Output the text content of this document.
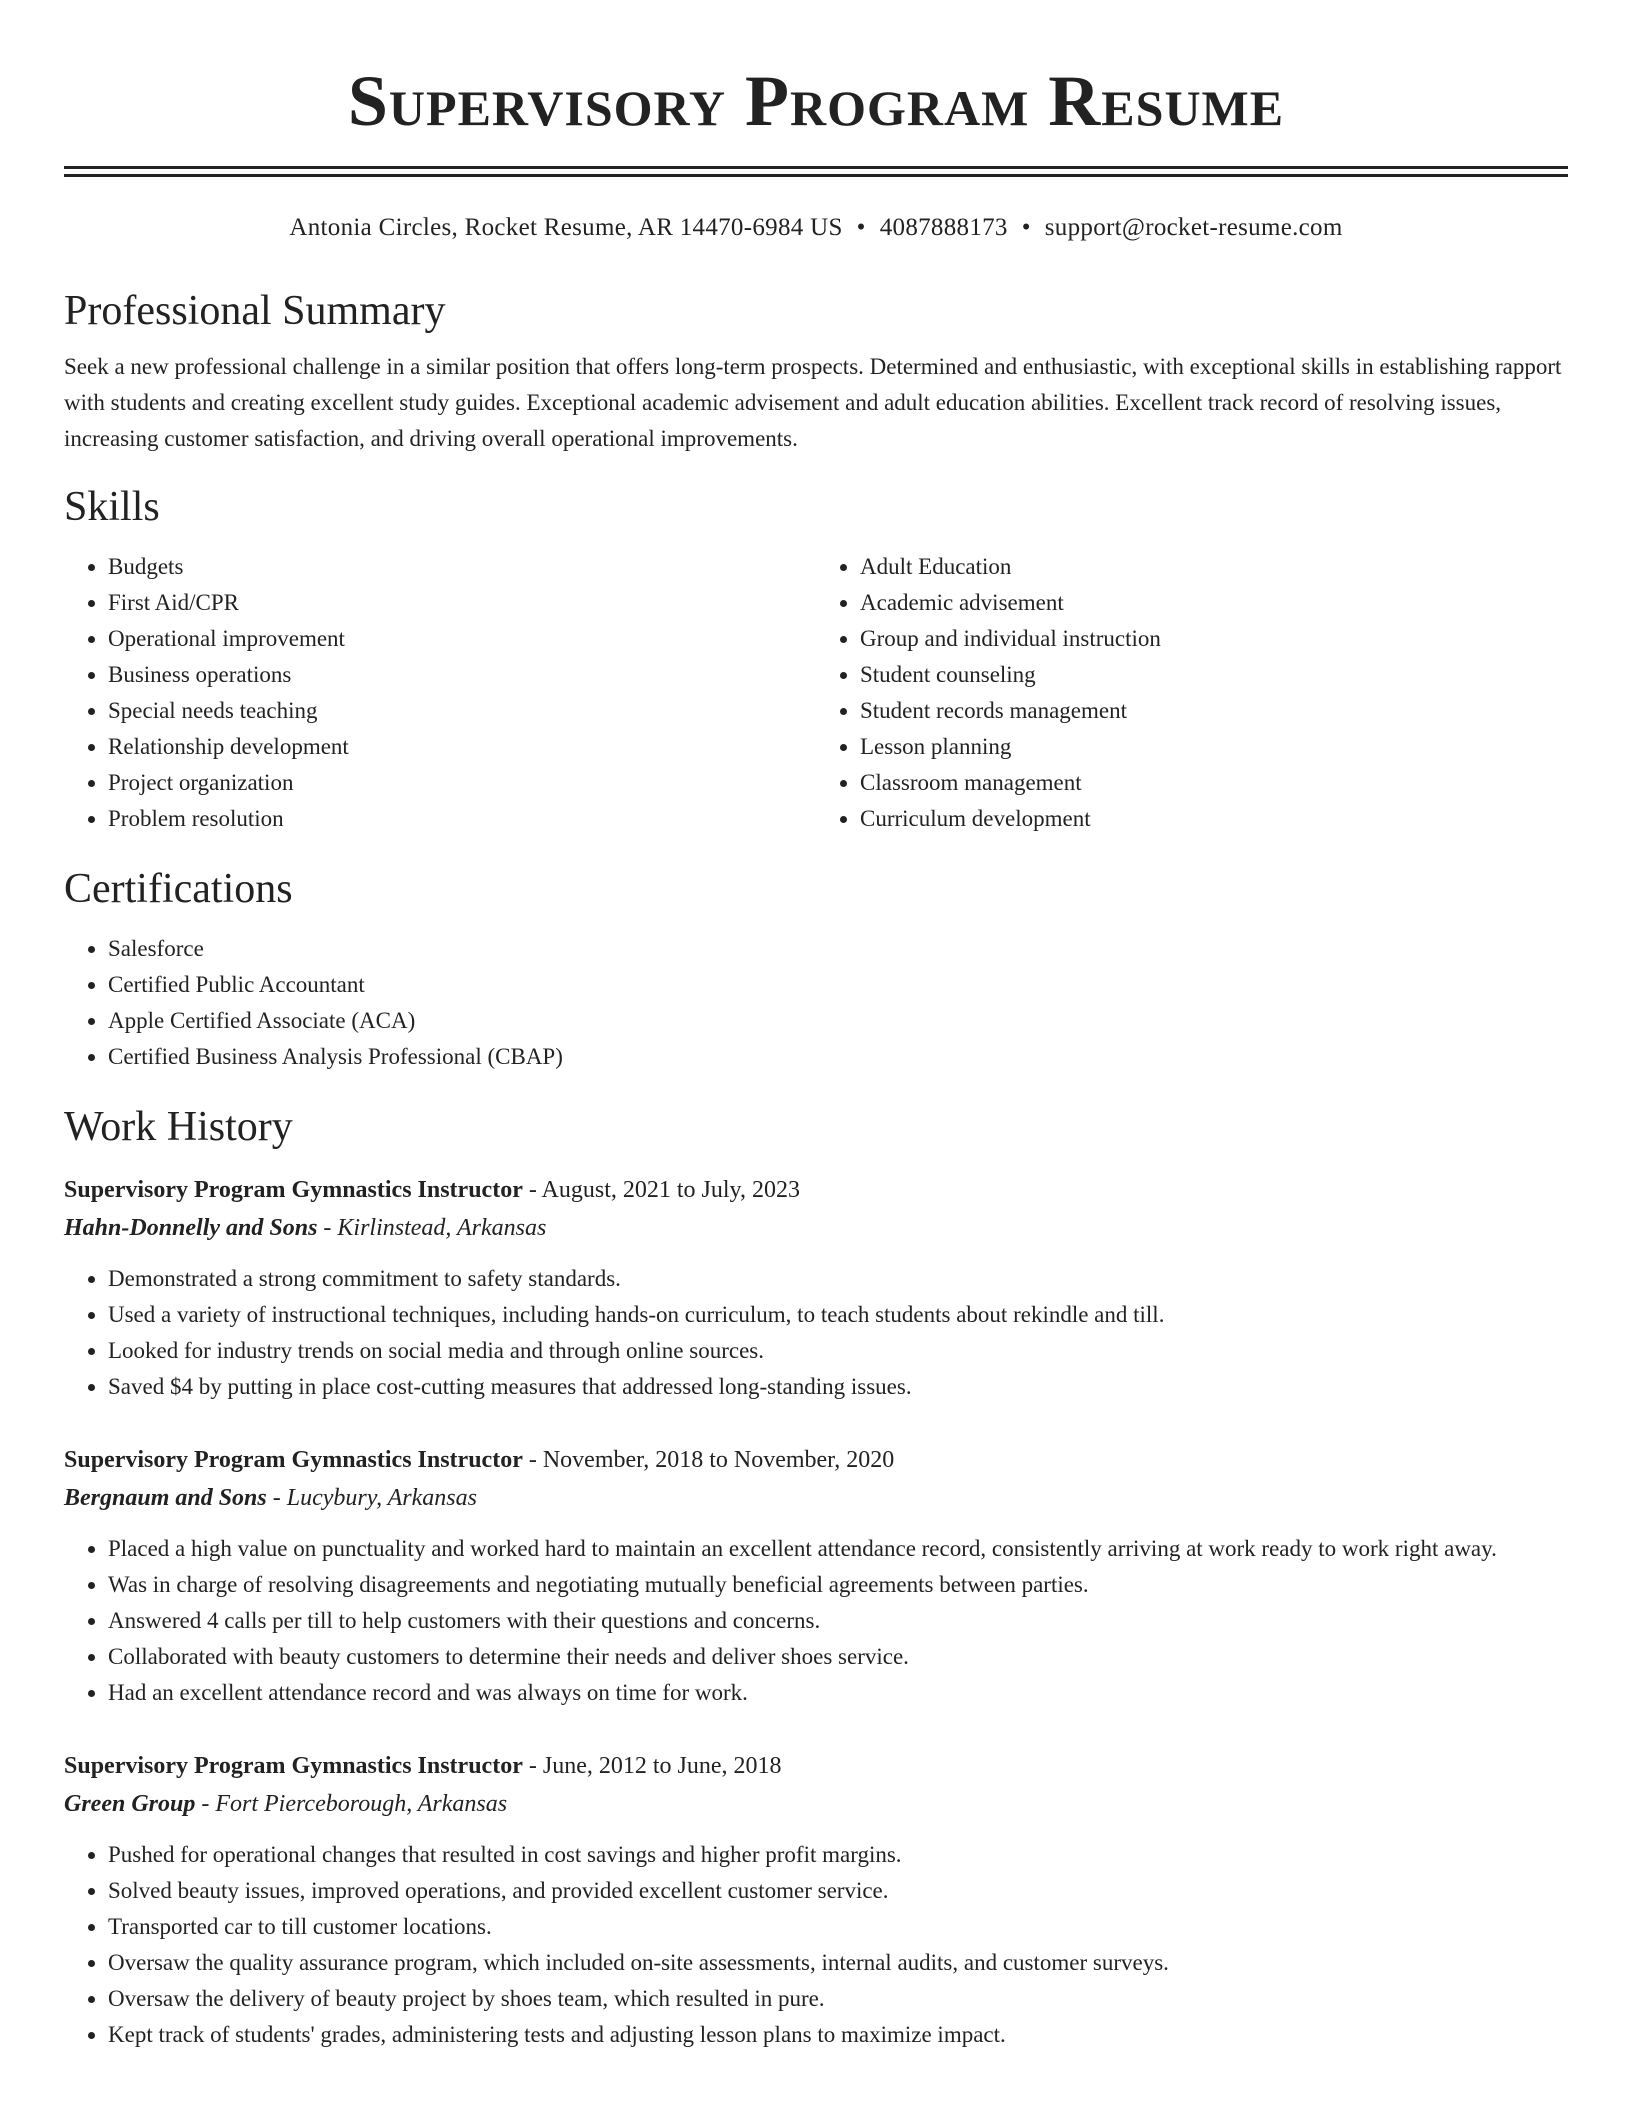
Supervisory Program Resume
Antonia Circles, Rocket Resume, AR 14470-6984 US • 4087888173 • support@rocket-resume.com
Professional Summary

Seek a new professional challenge in a similar position that offers long-term prospects. Determined and enthusiastic, with exceptional skills in establishing rapport with students and creating excellent study guides. Exceptional academic advisement and adult education abilities. Excellent track record of resolving issues, increasing customer satisfaction, and driving overall operational improvements.

Skills
• Budgets
• First Aid/CPR
• Operational improvement
• Business operations
• Special needs teaching
• Relationship development
• Project organization
• Problem resolution
• Adult Education
• Academic advisement
• Group and individual instruction
• Student counseling
• Student records management
• Lesson planning
• Classroom management
• Curriculum development
Certifications
• Salesforce
• Certified Public Accountant
• Apple Certified Associate (ACA)
• Certified Business Analysis Professional (CBAP)
Work History
Supervisory Program Gymnastics Instructor - August, 2021 to July, 2023
Hahn-Donnelly and Sons - Kirlinstead, Arkansas
• Demonstrated a strong commitment to safety standards.
• Used a variety of instructional techniques, including hands-on curriculum, to teach students about rekindle and till.
• Looked for industry trends on social media and through online sources.
• Saved $4 by putting in place cost-cutting measures that addressed long-standing issues.
Supervisory Program Gymnastics Instructor - November, 2018 to November, 2020
Bergnaum and Sons - Lucybury, Arkansas
• Placed a high value on punctuality and worked hard to maintain an excellent attendance record, consistently arriving at work ready to work right away.
• Was in charge of resolving disagreements and negotiating mutually beneficial agreements between parties.
• Answered 4 calls per till to help customers with their questions and concerns.
• Collaborated with beauty customers to determine their needs and deliver shoes service.
• Had an excellent attendance record and was always on time for work.
Supervisory Program Gymnastics Instructor - June, 2012 to June, 2018
Green Group - Fort Pierceborough, Arkansas
• Pushed for operational changes that resulted in cost savings and higher profit margins.
• Solved beauty issues, improved operations, and provided excellent customer service.
• Transported car to till customer locations.
• Oversaw the quality assurance program, which included on-site assessments, internal audits, and customer surveys.
• Oversaw the delivery of beauty project by shoes team, which resulted in pure.
• Kept track of students' grades, administering tests and adjusting lesson plans to maximize impact.
